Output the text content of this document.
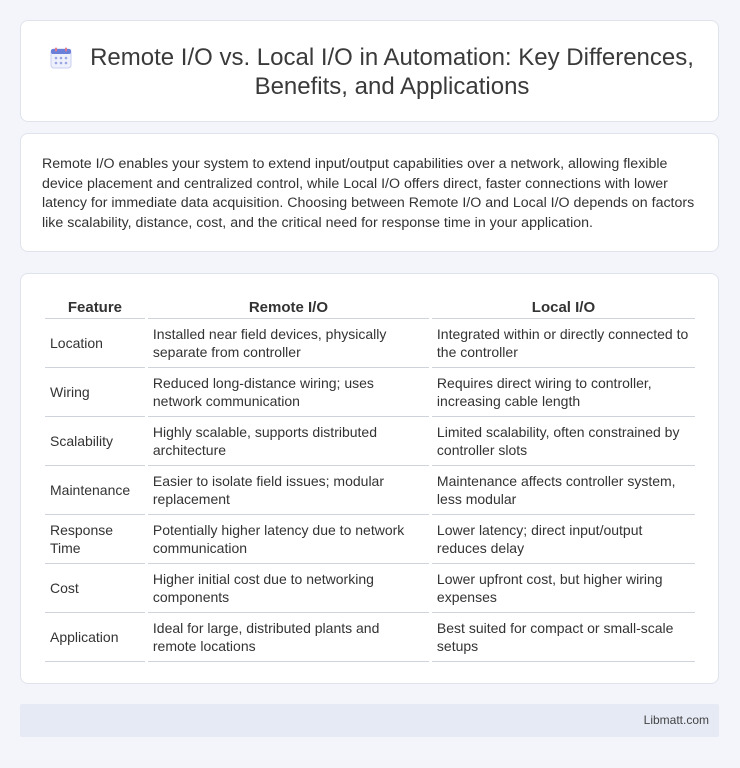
Remote I/O vs. Local I/O in Automation: Key Differences, Benefits, and Applications

Remote I/O enables your system to extend input/output capabilities over a network, allowing flexible device placement and centralized control, while Local I/O offers direct, faster connections with lower latency for immediate data acquisition. Choosing between Remote I/O and Local I/O depends on factors like scalability, distance, cost, and the critical need for response time in your application.

Feature	Remote I/O	Local I/O
Location	Installed near field devices, physically separate from controller	Integrated within or directly connected to the controller
Wiring	Reduced long-distance wiring; uses network communication	Requires direct wiring to controller, increasing cable length
Scalability	Highly scalable, supports distributed architecture	Limited scalability, often constrained by controller slots
Maintenance	Easier to isolate field issues; modular replacement	Maintenance affects controller system, less modular
Response Time	Potentially higher latency due to network communication	Lower latency; direct input/output reduces delay
Cost	Higher initial cost due to networking components	Lower upfront cost, but higher wiring expenses
Application	Ideal for large, distributed plants and remote locations	Best suited for compact or small-scale setups
Libmatt.com
